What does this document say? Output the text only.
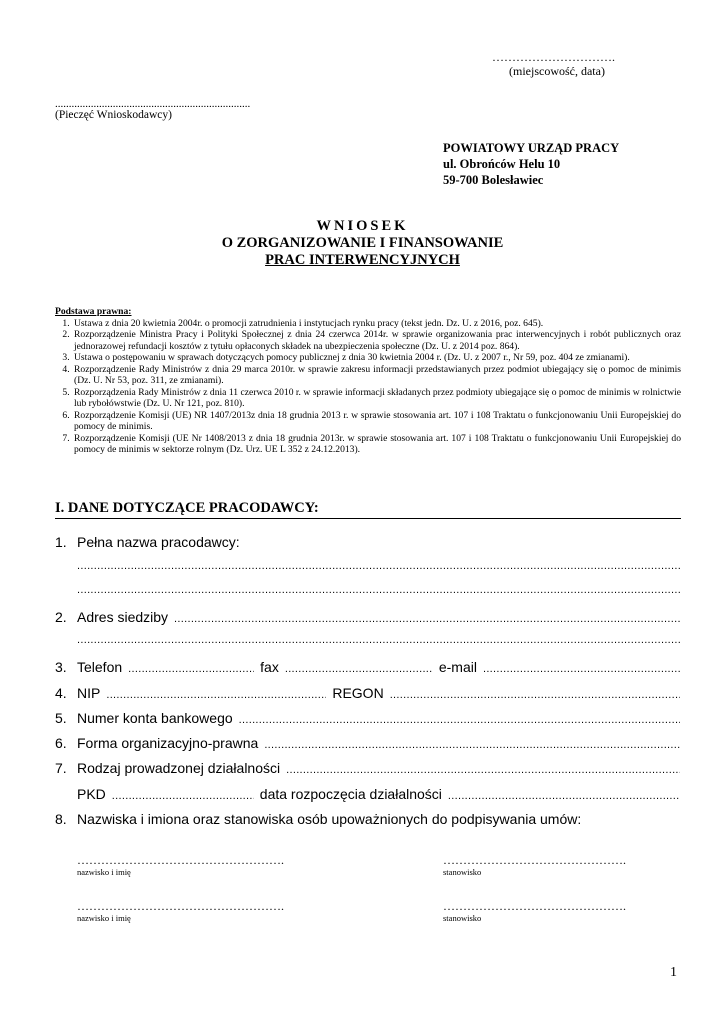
………………………….
(miejscowość, data)
.......................................................................
(Pieczęć Wnioskodawcy)
POWIATOWY URZĄD PRACY
ul. Obrońców Helu 10
59-700 Bolesławiec
WNIOSEK
O ZORGANIZOWANIE I FINANSOWANIE
PRAC INTERWENCYJNYCH
Podstawa prawna:
1. Ustawa z dnia 20 kwietnia 2004r. o promocji zatrudnienia i instytucjach rynku pracy (tekst jedn. Dz. U. z 2016, poz. 645).
2. Rozporządzenie Ministra Pracy i Polityki Społecznej z dnia 24 czerwca 2014r. w sprawie organizowania prac interwencyjnych i robót publicznych oraz jednorazowej refundacji kosztów z tytułu opłaconych składek na ubezpieczenia społeczne (Dz. U. z 2014 poz. 864).
3. Ustawa o postępowaniu w sprawach dotyczących pomocy publicznej z dnia 30 kwietnia 2004 r. (Dz. U. z 2007 r., Nr 59, poz. 404 ze zmianami).
4. Rozporządzenie Rady Ministrów z dnia 29 marca 2010r. w sprawie zakresu informacji przedstawianych przez podmiot ubiegający się o pomoc de minimis (Dz. U. Nr 53, poz. 311, ze zmianami).
5. Rozporządzenia Rady Ministrów z dnia 11 czerwca 2010 r. w sprawie informacji składanych przez podmioty ubiegające się o pomoc de minimis w rolnictwie lub rybołówstwie (Dz. U. Nr 121, poz. 810).
6. Rozporządzenie Komisji (UE) NR 1407/2013z dnia 18 grudnia 2013 r. w sprawie stosowania art. 107 i 108 Traktatu o funkcjonowaniu Unii Europejskiej do pomocy de minimis.
7. Rozporządzenie Komisji (UE Nr 1408/2013 z dnia 18 grudnia 2013r. w sprawie stosowania art. 107 i 108 Traktatu o funkcjonowaniu Unii Europejskiej do pomocy de minimis w sektorze rolnym (Dz. Urz. UE L 352 z 24.12.2013).
I. DANE DOTYCZĄCE PRACODAWCY:
1. Pełna nazwa pracodawcy:
.....
.....
2. Adres siedziby
.....
.....
3. Telefon .....	fax .....	e-mail
.....
4. NIP .....	REGON
.....
5. Numer konta bankowego
.....
6. Forma organizacyjno-prawna
.....
7. Rodzaj prowadzonej działalności
.....
PKD .....	data rozpoczęcia działalności
.....
8. Nazwiska i imiona oraz stanowiska osób upoważnionych do podpisywania umów:
…………………………………………….
nazwisko i imię
……………………………………….
stanowisko
…………………………………………….
nazwisko i imię
……………………………………….
stanowisko
1
